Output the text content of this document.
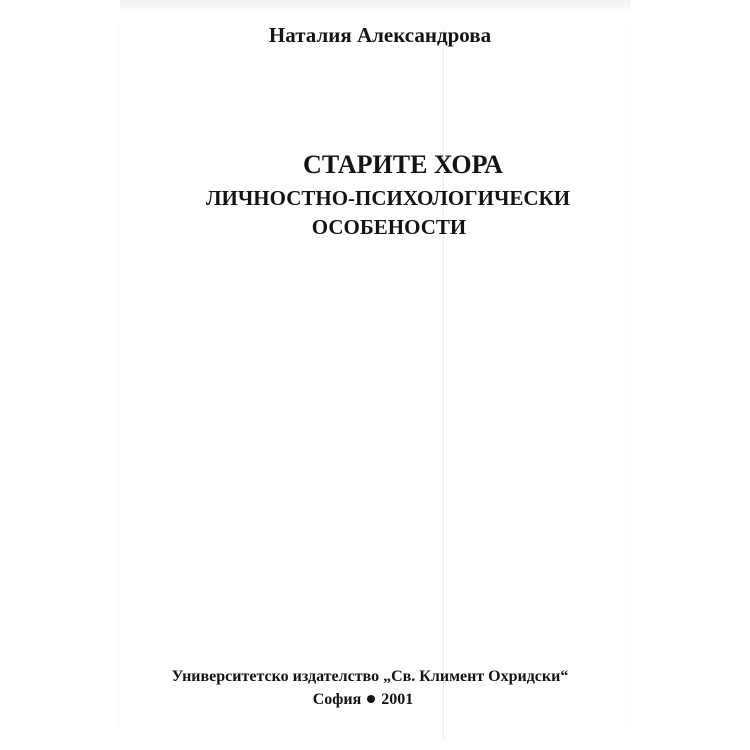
Наталия Александрова
СТАРИТЕ ХОРА
ЛИЧНОСТНО-ПСИХОЛОГИЧЕСКИ
ОСОБЕНОСТИ
Университетско издателство „Св. Климент Охридски“
София 2001
